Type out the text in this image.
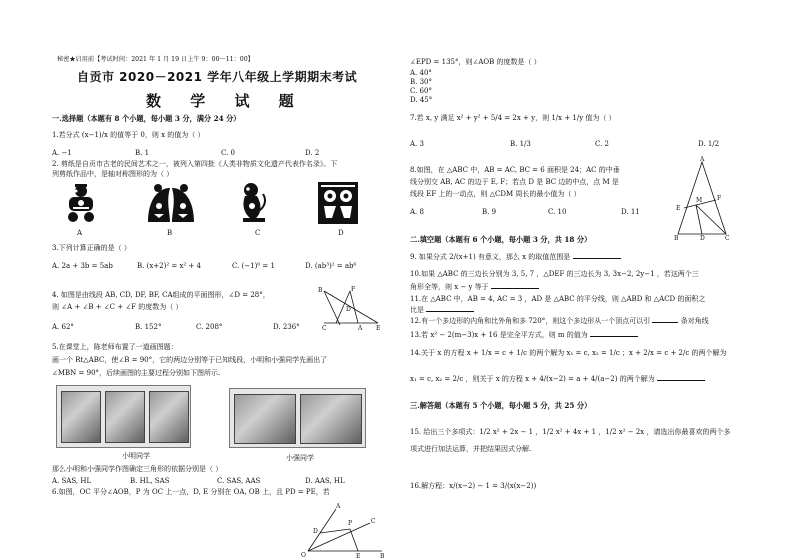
秘密★启用前【考试时间：2021 年 1 月 19 日上午 9：00～11：00】
自贡市 2020－2021 学年八年级上学期期末考试
数 学 试 题
一.选择题（本题有 8 个小题，每小题 3 分，满分 24 分）
1.若分式 (x−1)/x 的值等于 0，则 x 的值为（ ）
A. −1	B. 1	C. 0	D. 2
2. 剪纸是自贡市古老的民间艺术之一，被列入第四批《人类非物质文化遗产代表作名录》。下
列剪纸作品中，是轴对称图形的为（ ）
A	B	C	D
3.下列计算正确的是（ ）
A. 2a + 3b = 5ab	B. (x+2)² = x² + 4	C. (−1)⁰ = 1	D. (ab³)² = ab⁶
4. 如图是由线段 AB, CD, DF, BF, CA组成的平面图形，∠D = 28°，
则 ∠A + ∠B + ∠C + ∠F 的度数为（ ）
B	F
D
C	A E
A. 62°	B. 152°	C. 208°	D. 236°
5.在课堂上，陈老师布置了一道画图题：
画一个 Rt△ABC，使∠B = 90°，它的两边分别等于已知线段，小明和小强同学先画出了
∠MBN = 90°，后续画图的主要过程分别如下图所示.
小明同学	小强同学
那么小明和小强同学作图确定三角形的依据分别是（ ）
A. SAS, HL	B. HL, SAS	C. SAS, AAS	D. AAS, HL
6.如图，OC 平分∠AOB，P 为 OC 上一点，D, E 分别在 OA, OB 上，且 PD = PE，若
A
D
P	C
O	E	B
∠EPD = 135°，则∠AOB 的度数是（ ）
A. 40°
B. 30°
C. 60°
D. 45°
7.若 x, y 满足 x² + y² + 5/4 = 2x + y，则 1/x + 1/y 值为（ ）
A. 3	B. 1/3	C. 2	D. 1/2
8.如图，在 △ABC 中，AB = AC, BC = 6 面积是 24；AC 的中垂
线分别交 AB, AC 的边于 E, F；若点 D 是 BC 边的中点，点 M 是
线段 EF 上的一动点，则 △CDM 周长的最小值为（ ）
A
E
F
M
B	D	C
A. 8	B. 9	C. 10	D. 11
二.填空题（本题有 6 个小题，每小题 3 分，共 18 分）
9. 如果分式 2/(x+1) 有意义，那么 x 的取值范围是
10.如果 △ABC 的三边长分别为 3, 5, 7 ，△DEF 的三边长为 3, 3x−2, 2y−1 ，若这两个三
角形全等，则 x − y 等于
11.在 △ABC 中，AB = 4, AC = 3 ，AD 是 △ABC 的平分线，则 △ABD 和 △ACD 的面积之
比是
12.有一个多边形的内角和比外角和多 720°，则这个多边形从一个顶点可以引	条对角线
13.若 x² − 2(m−3)x + 16 是完全平方式，则 m 的值为
14.关于 x 的方程 x + 1/x = c + 1/c 的两个解为 x₁ = c, x₂ = 1/c ；x + 2/x = c + 2/c 的两个解为
x₁ = c, x₂ = 2/c ，则关于 x 的方程 x + 4/(x−2) = a + 4/(a−2) 的两个解为
三.解答题（本题有 5 个小题，每小题 5 分，共 25 分）
15. 给出三个多项式：1/2 x² + 2x − 1 ，1/2 x² + 4x + 1 ，1/2 x² − 2x ，请选出你最喜欢的两个多
项式进行加法运算，并把结果因式分解.
16.解方程：x/(x−2) − 1 = 3/(x(x−2))
